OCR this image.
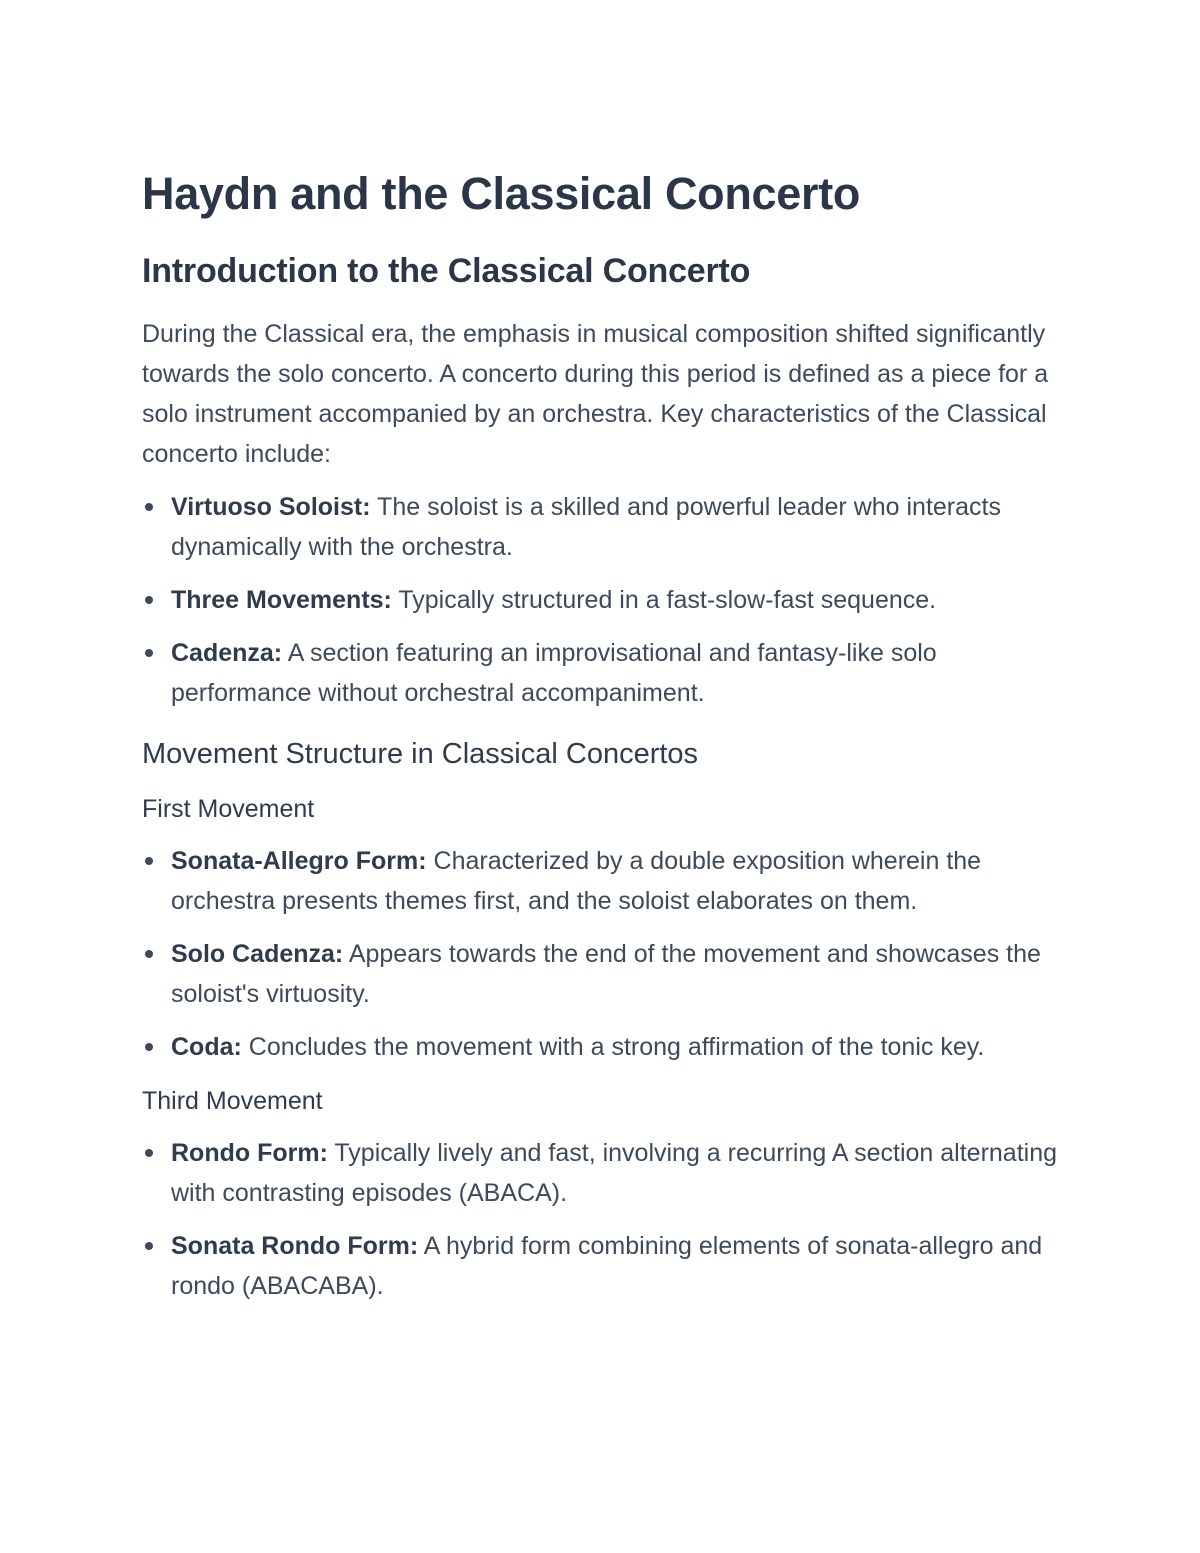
Haydn and the Classical Concerto
Introduction to the Classical Concerto

During the Classical era, the emphasis in musical composition shifted significantly towards the solo concerto. A concerto during this period is defined as a piece for a solo instrument accompanied by an orchestra. Key characteristics of the Classical concerto include:

Virtuoso Soloist: The soloist is a skilled and powerful leader who interacts dynamically with the orchestra.
Three Movements: Typically structured in a fast-slow-fast sequence.
Cadenza: A section featuring an improvisational and fantasy-like solo performance without orchestral accompaniment.
Movement Structure in Classical Concertos
First Movement
Sonata-Allegro Form: Characterized by a double exposition wherein the orchestra presents themes first, and the soloist elaborates on them.
Solo Cadenza: Appears towards the end of the movement and showcases the soloist's virtuosity.
Coda: Concludes the movement with a strong affirmation of the tonic key.
Third Movement
Rondo Form: Typically lively and fast, involving a recurring A section alternating with contrasting episodes (ABACA).
Sonata Rondo Form: A hybrid form combining elements of sonata-allegro and rondo (ABACABA).
